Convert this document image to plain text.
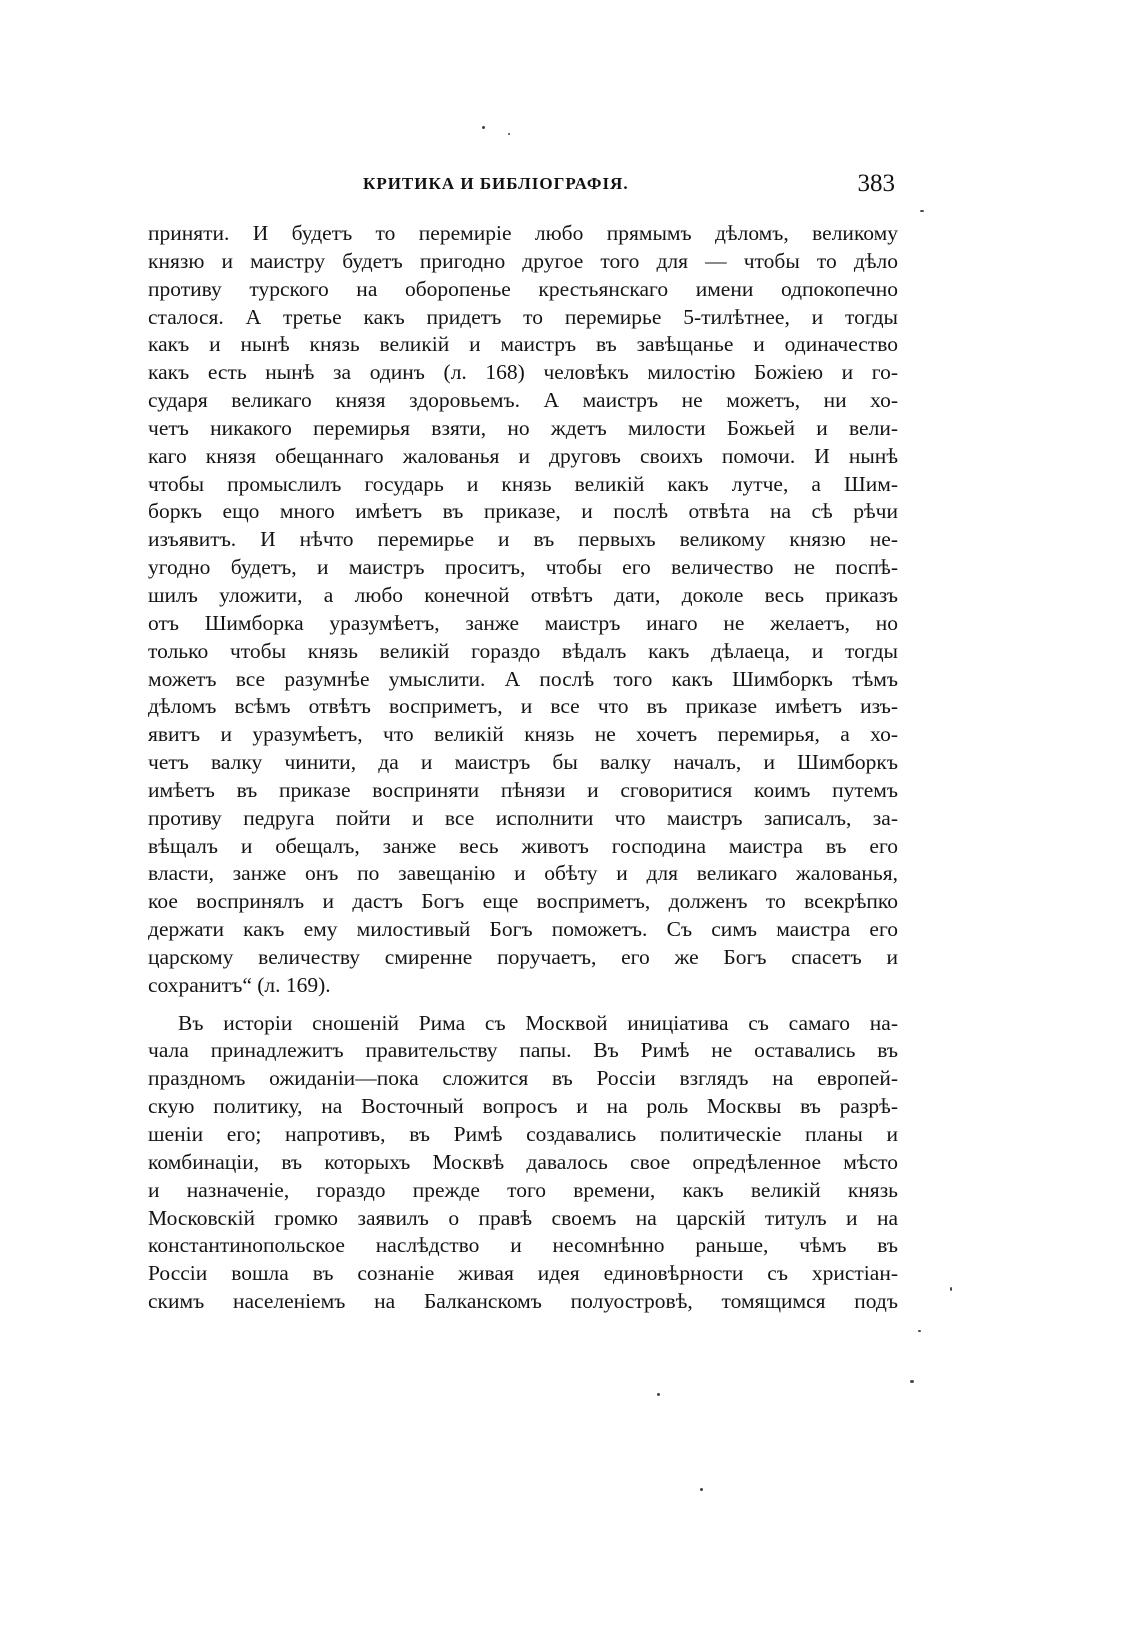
КРИТИКА И БИБЛІОГРАФІЯ.	383
приняти. И будетъ то перемиріе любо прямымъ дѣломъ, великому
князю и маистру будетъ пригодно другое того для — чтобы то дѣло
противу турского на оборопенье крестьянскаго имени одпокопечно
сталося. А третье какъ придетъ то перемирье 5-тилѣтнее, и тогды
какъ и нынѣ князь великій и маистръ въ завѣщанье и одиначество
какъ есть нынѣ за одинъ (л. 168) человѣкъ милостію Божіею и го-
сударя великаго князя здоровьемъ. А маистръ не можетъ, ни хо-
четъ никакого перемирья взяти, но ждетъ милости Божьей и вели-
каго князя обещаннаго жалованья и друговъ своихъ помочи. И нынѣ
чтобы промыслилъ государь и князь великій какъ лутче, а Шим-
боркъ ещо много имѣетъ въ приказе, и послѣ отвѣта на сѣ рѣчи
изъявитъ. И нѣчто перемирье и въ первыхъ великому князю не-
угодно будетъ, и маистръ проситъ, чтобы его величество не поспѣ-
шилъ уложити, а любо конечной отвѣтъ дати, доколе весь приказъ
отъ Шимборка уразумѣетъ, занже маистръ инаго не желаетъ, но
только чтобы князь великій гораздо вѣдалъ какъ дѣлаеца, и тогды
можетъ все разумнѣе умыслити. А послѣ того какъ Шимборкъ тѣмъ
дѣломъ всѣмъ отвѣтъ восприметъ, и все что въ приказе имѣетъ изъ-
явитъ и уразумѣетъ, что великій князь не хочетъ перемирья, а хо-
четъ валку чинити, да и маистръ бы валку началъ, и Шимборкъ
имѣетъ въ приказе восприняти пѣнязи и сговоритися коимъ путемъ
противу педруга пойти и все исполнити что маистръ записалъ, за-
вѣщалъ и обещалъ, занже весь животъ господина маистра въ его
власти, занже онъ по завещанію и обѣту и для великаго жалованья,
кое воспринялъ и дастъ Богъ еще восприметъ, долженъ то всекрѣпко
держати какъ ему милостивый Богъ поможетъ. Съ симъ маистра его
царскому величеству смиренне поручаетъ, его же Богъ спасетъ и
сохранитъ“ (л. 169).
Въ исторіи сношеній Рима съ Москвой иниціатива съ самаго на-
чала принадлежитъ правительству папы. Въ Римѣ не оставались въ
праздномъ ожиданіи—пока сложится въ Россіи взглядъ на европей-
скую политику, на Восточный вопросъ и на роль Москвы въ разрѣ-
шеніи его; напротивъ, въ Римѣ создавались политическіе планы и
комбинаціи, въ которыхъ Москвѣ давалось свое опредѣленное мѣсто
и назначеніе, гораздо прежде того времени, какъ великій князь
Московскій громко заявилъ о правѣ своемъ на царскій титулъ и на
константинопольское наслѣдство и несомнѣнно раньше, чѣмъ въ
Россіи вошла въ сознаніе живая идея единовѣрности съ христіан-
скимъ населеніемъ на Балканскомъ полуостровѣ, томящимся подъ
